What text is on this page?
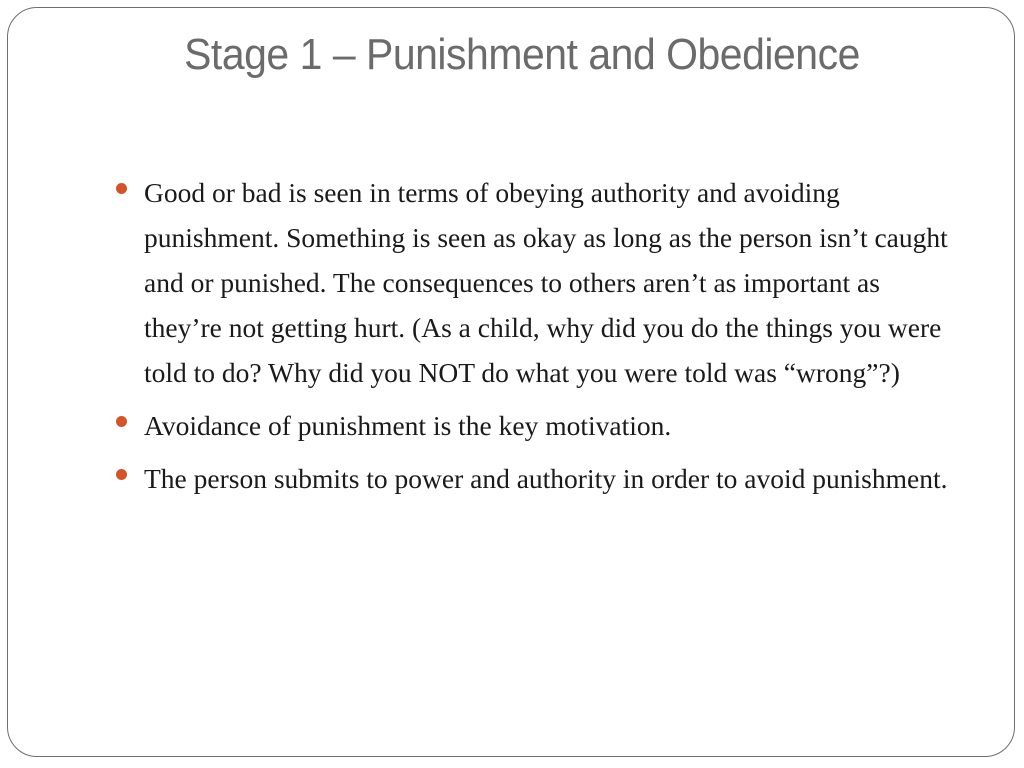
Stage 1 – Punishment and Obedience
Good or bad is seen in terms of obeying authority and avoiding punishment. Something is seen as okay as long as the person isn’t caught and or punished. The consequences to others aren’t as important as they’re not getting hurt. (As a child, why did you do the things you were told to do? Why did you NOT do what you were told was “wrong”?)
Avoidance of punishment is the key motivation.
The person submits to power and authority in order to avoid punishment.
